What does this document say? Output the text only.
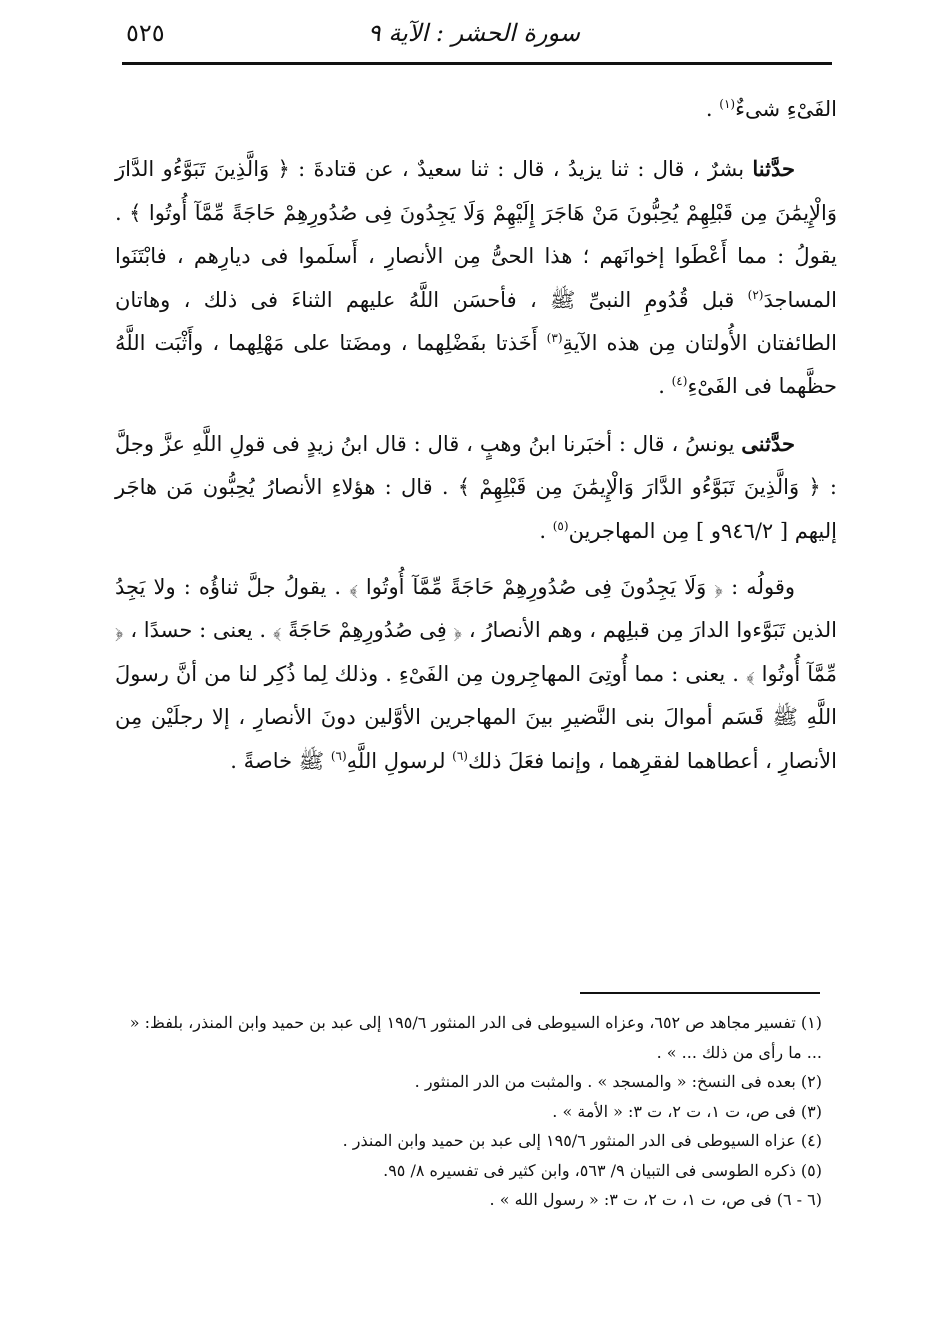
٥٢٥	سورة الحشر : الآية ٩

الفَىْءِ شىءٌ$^{(١)}$ .

حدَّثنا بشرٌ ، قال : ثنا يزيدُ ، قال : ثنا سعيدٌ ، عن قتادةَ : ﴿ وَالَّذِينَ تَبَوَّءُو الدَّارَ وَالْإِيمَٰنَ مِن قَبْلِهِمْ يُحِبُّونَ مَنْ هَاجَرَ إِلَيْهِمْ وَلَا يَجِدُونَ فِى صُدُورِهِمْ حَاجَةً مِّمَّآ أُوتُوا ﴾ . يقولُ : مما أَعْطَوا إخوانَهم ؛ هذا الحىُّ مِن الأنصارِ ، أَسلَموا فى ديارِهم ، فابْتَنَوا المساجدَ$^{(٢)}$ قبل قُدُومِ النبىِّ ﷺ ، فأحسَن اللَّهُ عليهم الثناءَ فى ذلك ، وهاتان الطائفتان الأُولتان مِن هذه الآيةِ$^{(٣)}$ أَخَذتا بفَضْلِهما ، ومضَتا على مَهْلِهما ، وأَثْبَت اللَّهُ حظَّهما فى الفَىْءِ$^{(٤)}$ .

حدَّثنى يونسُ ، قال : أخبَرنا ابنُ وهبٍ ، قال : قال ابنُ زيدٍ فى قولِ اللَّهِ عزَّ وجلَّ : ﴿ وَالَّذِينَ تَبَوَّءُو الدَّارَ وَالْإِيمَٰنَ مِن قَبْلِهِمْ ﴾ . قال : هؤلاءِ الأنصارُ يُحِبُّون مَن هاجَر إليهم [ ٩٤٦/٢و ] مِن المهاجرين$^{(٥)}$ .

وقولُه : ﴿ وَلَا يَجِدُونَ فِى صُدُورِهِمْ حَاجَةً مِّمَّآ أُوتُوا ﴾ . يقولُ جلَّ ثناؤُه : ولا يَجِدُ الذين تَبَوَّءوا الدارَ مِن قبلِهم ، وهم الأنصارُ ، ﴿ فِى صُدُورِهِمْ حَاجَةً ﴾ . يعنى : حسدًا ، ﴿ مِّمَّآ أُوتُوا ﴾ . يعنى : مما أُوتِىَ المهاجِرون مِن الفَىْءِ . وذلك لِما ذُكِر لنا من أنَّ رسولَ اللَّهِ ﷺ قَسَم أموالَ بنى النَّضيرِ بينَ المهاجرين الأوَّلين دونَ الأنصارِ ، إلا رجلَيْن مِن الأنصارِ ، أعطاهما لفقرِهما ، وإنما فعَلَ ذلك$^{(٦)}$ لرسولِ اللَّهِ$^{(٦)}$ ﷺ خاصةً .

(١) تفسير مجاهد ص ٦٥٢، وعزاه السيوطى فى الدر المنثور ١٩٥/٦ إلى عبد بن حميد وابن المنذر، بلفظ: « ... ما رأى من ذلك ... » .

(٢) بعده فى النسخ: « والمسجد » . والمثبت من الدر المنثور .

(٣) فى ص، ت ١، ت ٢، ت ٣: « الأمة » .

(٤) عزاه السيوطى فى الدر المنثور ١٩٥/٦ إلى عبد بن حميد وابن المنذر .

(٥) ذكره الطوسى فى التبيان ٩/ ٥٦٣، وابن كثير فى تفسيره ٨/ ٩٥.

(٦ - ٦) فى ص، ت ١، ت ٢، ت ٣: « رسول الله » .
